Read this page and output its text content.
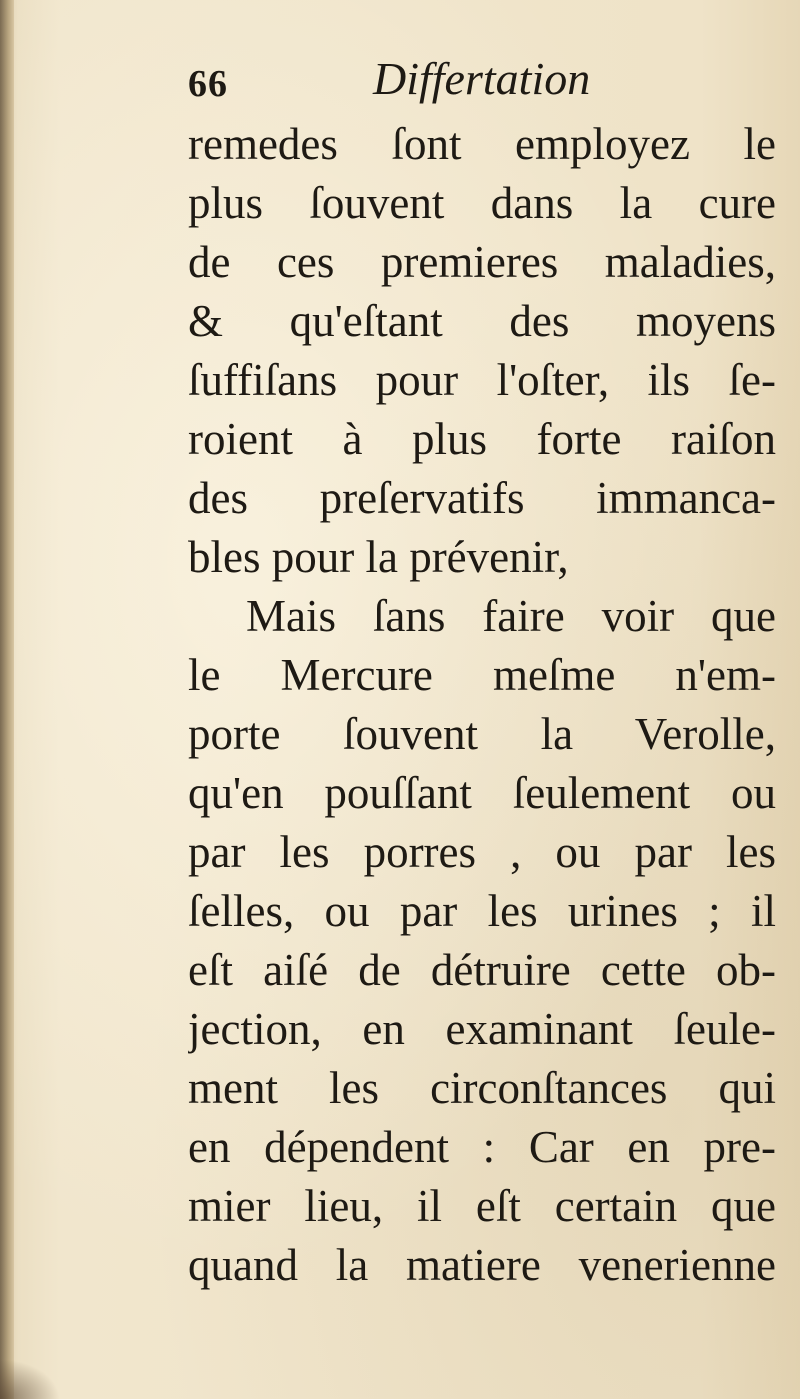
66	Differtation
remedes ſont employez le
plus ſouvent dans la cure
de ces premieres maladies,
& qu'eſtant des moyens
ſuffiſans pour l'oſter, ils ſe-
roient à plus forte raiſon
des preſervatifs immanca-
bles pour la prévenir,
Mais ſans faire voir que
le Mercure meſme n'em-
porte ſouvent la Verolle,
qu'en pouſſant ſeulement ou
par les porres , ou par les
ſelles, ou par les urines ; il
eſt aiſé de détruire cette ob-
jection, en examinant ſeule-
ment les circonſtances qui
en dépendent : Car en pre-
mier lieu, il eſt certain que
quand la matiere venerienne
